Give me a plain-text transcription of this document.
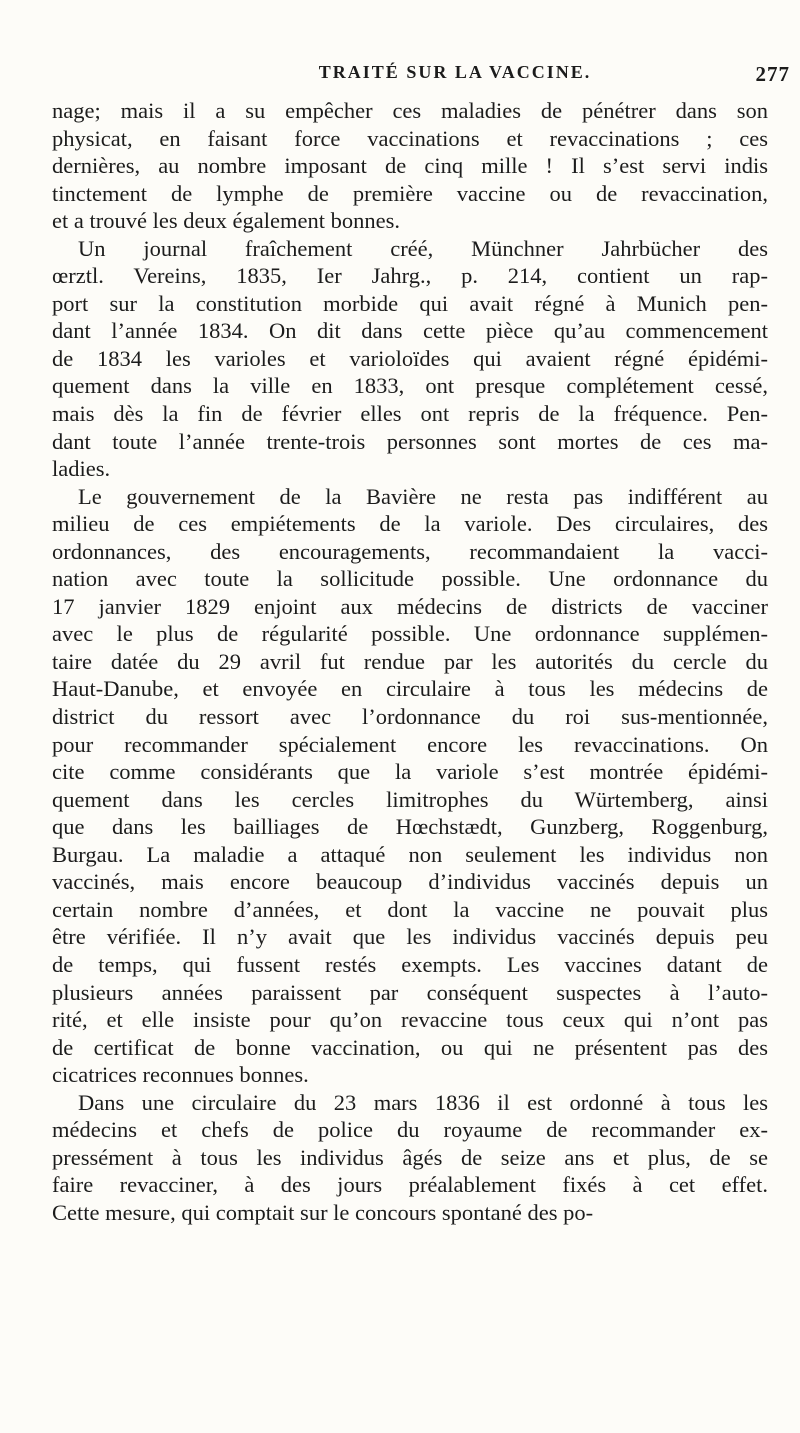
TRAITÉ SUR LA VACCINE.	277
nage; mais il a su empêcher ces maladies de pénétrer dans son
physicat, en faisant force vaccinations et revaccinations ; ces
dernières, au nombre imposant de cinq mille ! Il s’est servi indis
tinctement de lymphe de première vaccine ou de revaccination,
et a trouvé les deux également bonnes.
Un journal fraîchement créé, Münchner Jahrbücher des
œrztl. Vereins, 1835, Ier Jahrg., p. 214, contient un rap-
port sur la constitution morbide qui avait régné à Munich pen-
dant l’année 1834. On dit dans cette pièce qu’au commencement
de 1834 les varioles et varioloïdes qui avaient régné épidémi-
quement dans la ville en 1833, ont presque complétement cessé,
mais dès la fin de février elles ont repris de la fréquence. Pen-
dant toute l’année trente-trois personnes sont mortes de ces ma-
ladies.
Le gouvernement de la Bavière ne resta pas indifférent au
milieu de ces empiétements de la variole. Des circulaires, des
ordonnances, des encouragements, recommandaient la vacci-
nation avec toute la sollicitude possible. Une ordonnance du
17 janvier 1829 enjoint aux médecins de districts de vacciner
avec le plus de régularité possible. Une ordonnance supplémen-
taire datée du 29 avril fut rendue par les autorités du cercle du
Haut-Danube, et envoyée en circulaire à tous les médecins de
district du ressort avec l’ordonnance du roi sus-mentionnée,
pour recommander spécialement encore les revaccinations. On
cite comme considérants que la variole s’est montrée épidémi-
quement dans les cercles limitrophes du Würtemberg, ainsi
que dans les bailliages de Hœchstædt, Gunzberg, Roggenburg,
Burgau. La maladie a attaqué non seulement les individus non
vaccinés, mais encore beaucoup d’individus vaccinés depuis un
certain nombre d’années, et dont la vaccine ne pouvait plus
être vérifiée. Il n’y avait que les individus vaccinés depuis peu
de temps, qui fussent restés exempts. Les vaccines datant de
plusieurs années paraissent par conséquent suspectes à l’auto-
rité, et elle insiste pour qu’on revaccine tous ceux qui n’ont pas
de certificat de bonne vaccination, ou qui ne présentent pas des
cicatrices reconnues bonnes.
Dans une circulaire du 23 mars 1836 il est ordonné à tous les
médecins et chefs de police du royaume de recommander ex-
pressément à tous les individus âgés de seize ans et plus, de se
faire revacciner, à des jours préalablement fixés à cet effet.
Cette mesure, qui comptait sur le concours spontané des po-
